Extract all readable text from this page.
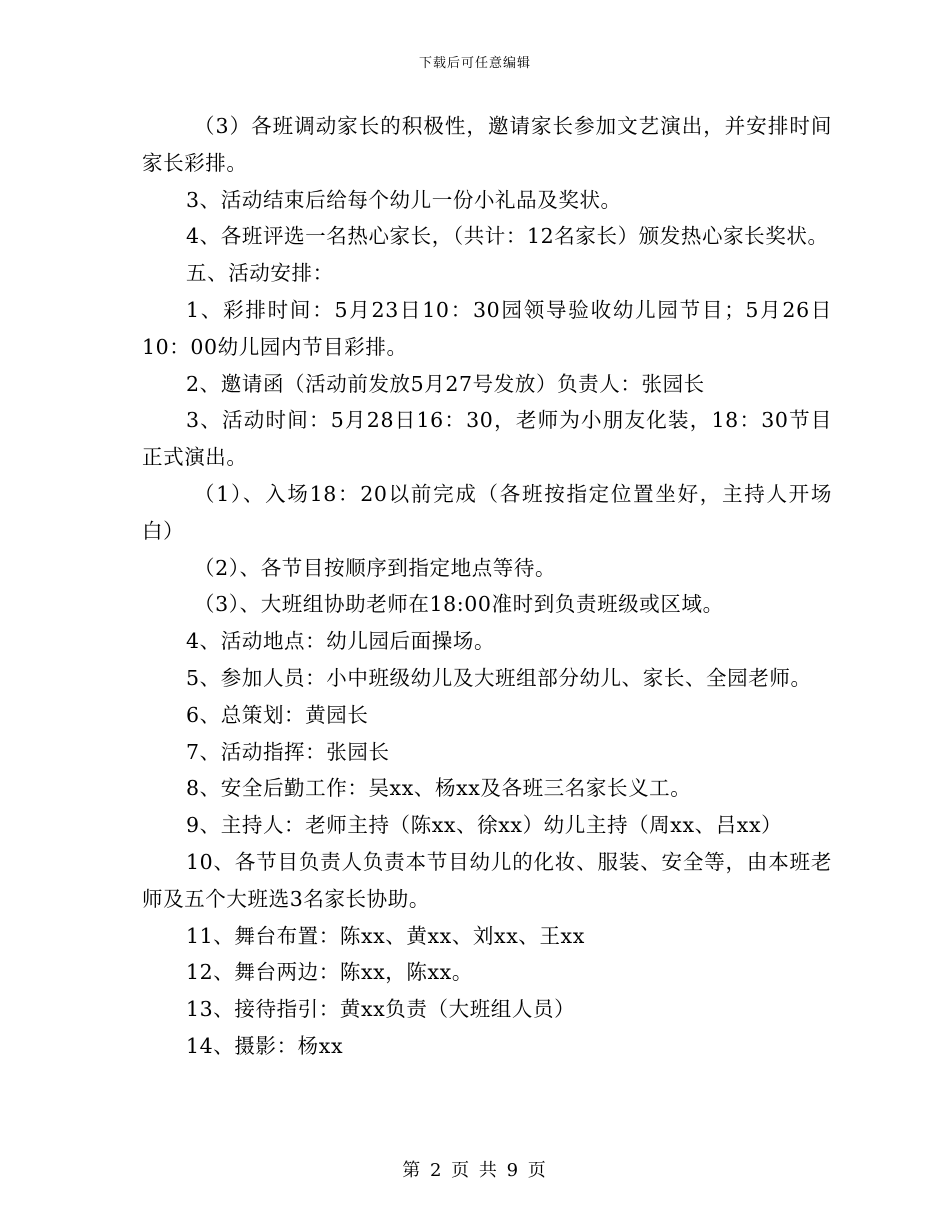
下载后可任意编辑

（3）各班调动家长的积极性，邀请家长参加文艺演出，并安排时间家长彩排。

3、活动结束后给每个幼儿一份小礼品及奖状。

4、各班评选一名热心家长，（共计：12名家长）颁发热心家长奖状。

五、活动安排：

1、彩排时间：5月23日10：30园领导验收幼儿园节目；5月26日10：00幼儿园内节目彩排。

2、邀请函（活动前发放5月27号发放）负责人：张园长

3、活动时间：5月28日16：30，老师为小朋友化装，18：30节目正式演出。

（1）、入场18：20以前完成（各班按指定位置坐好，主持人开场白）

（2）、各节目按顺序到指定地点等待。

（3）、大班组协助老师在18:00准时到负责班级或区域。

4、活动地点：幼儿园后面操场。

5、参加人员：小中班级幼儿及大班组部分幼儿、家长、全园老师。

6、总策划：黄园长

7、活动指挥：张园长

8、安全后勤工作：吴xx、杨xx及各班三名家长义工。

9、主持人：老师主持（陈xx、徐xx）幼儿主持（周xx、吕xx）

10、各节目负责人负责本节目幼儿的化妆、服装、安全等，由本班老师及五个大班选3名家长协助。

11、舞台布置：陈xx、黄xx、刘xx、王xx

12、舞台两边：陈xx，陈xx。

13、接待指引：黄xx负责（大班组人员）

14、摄影：杨xx

第 2 页 共 9 页
